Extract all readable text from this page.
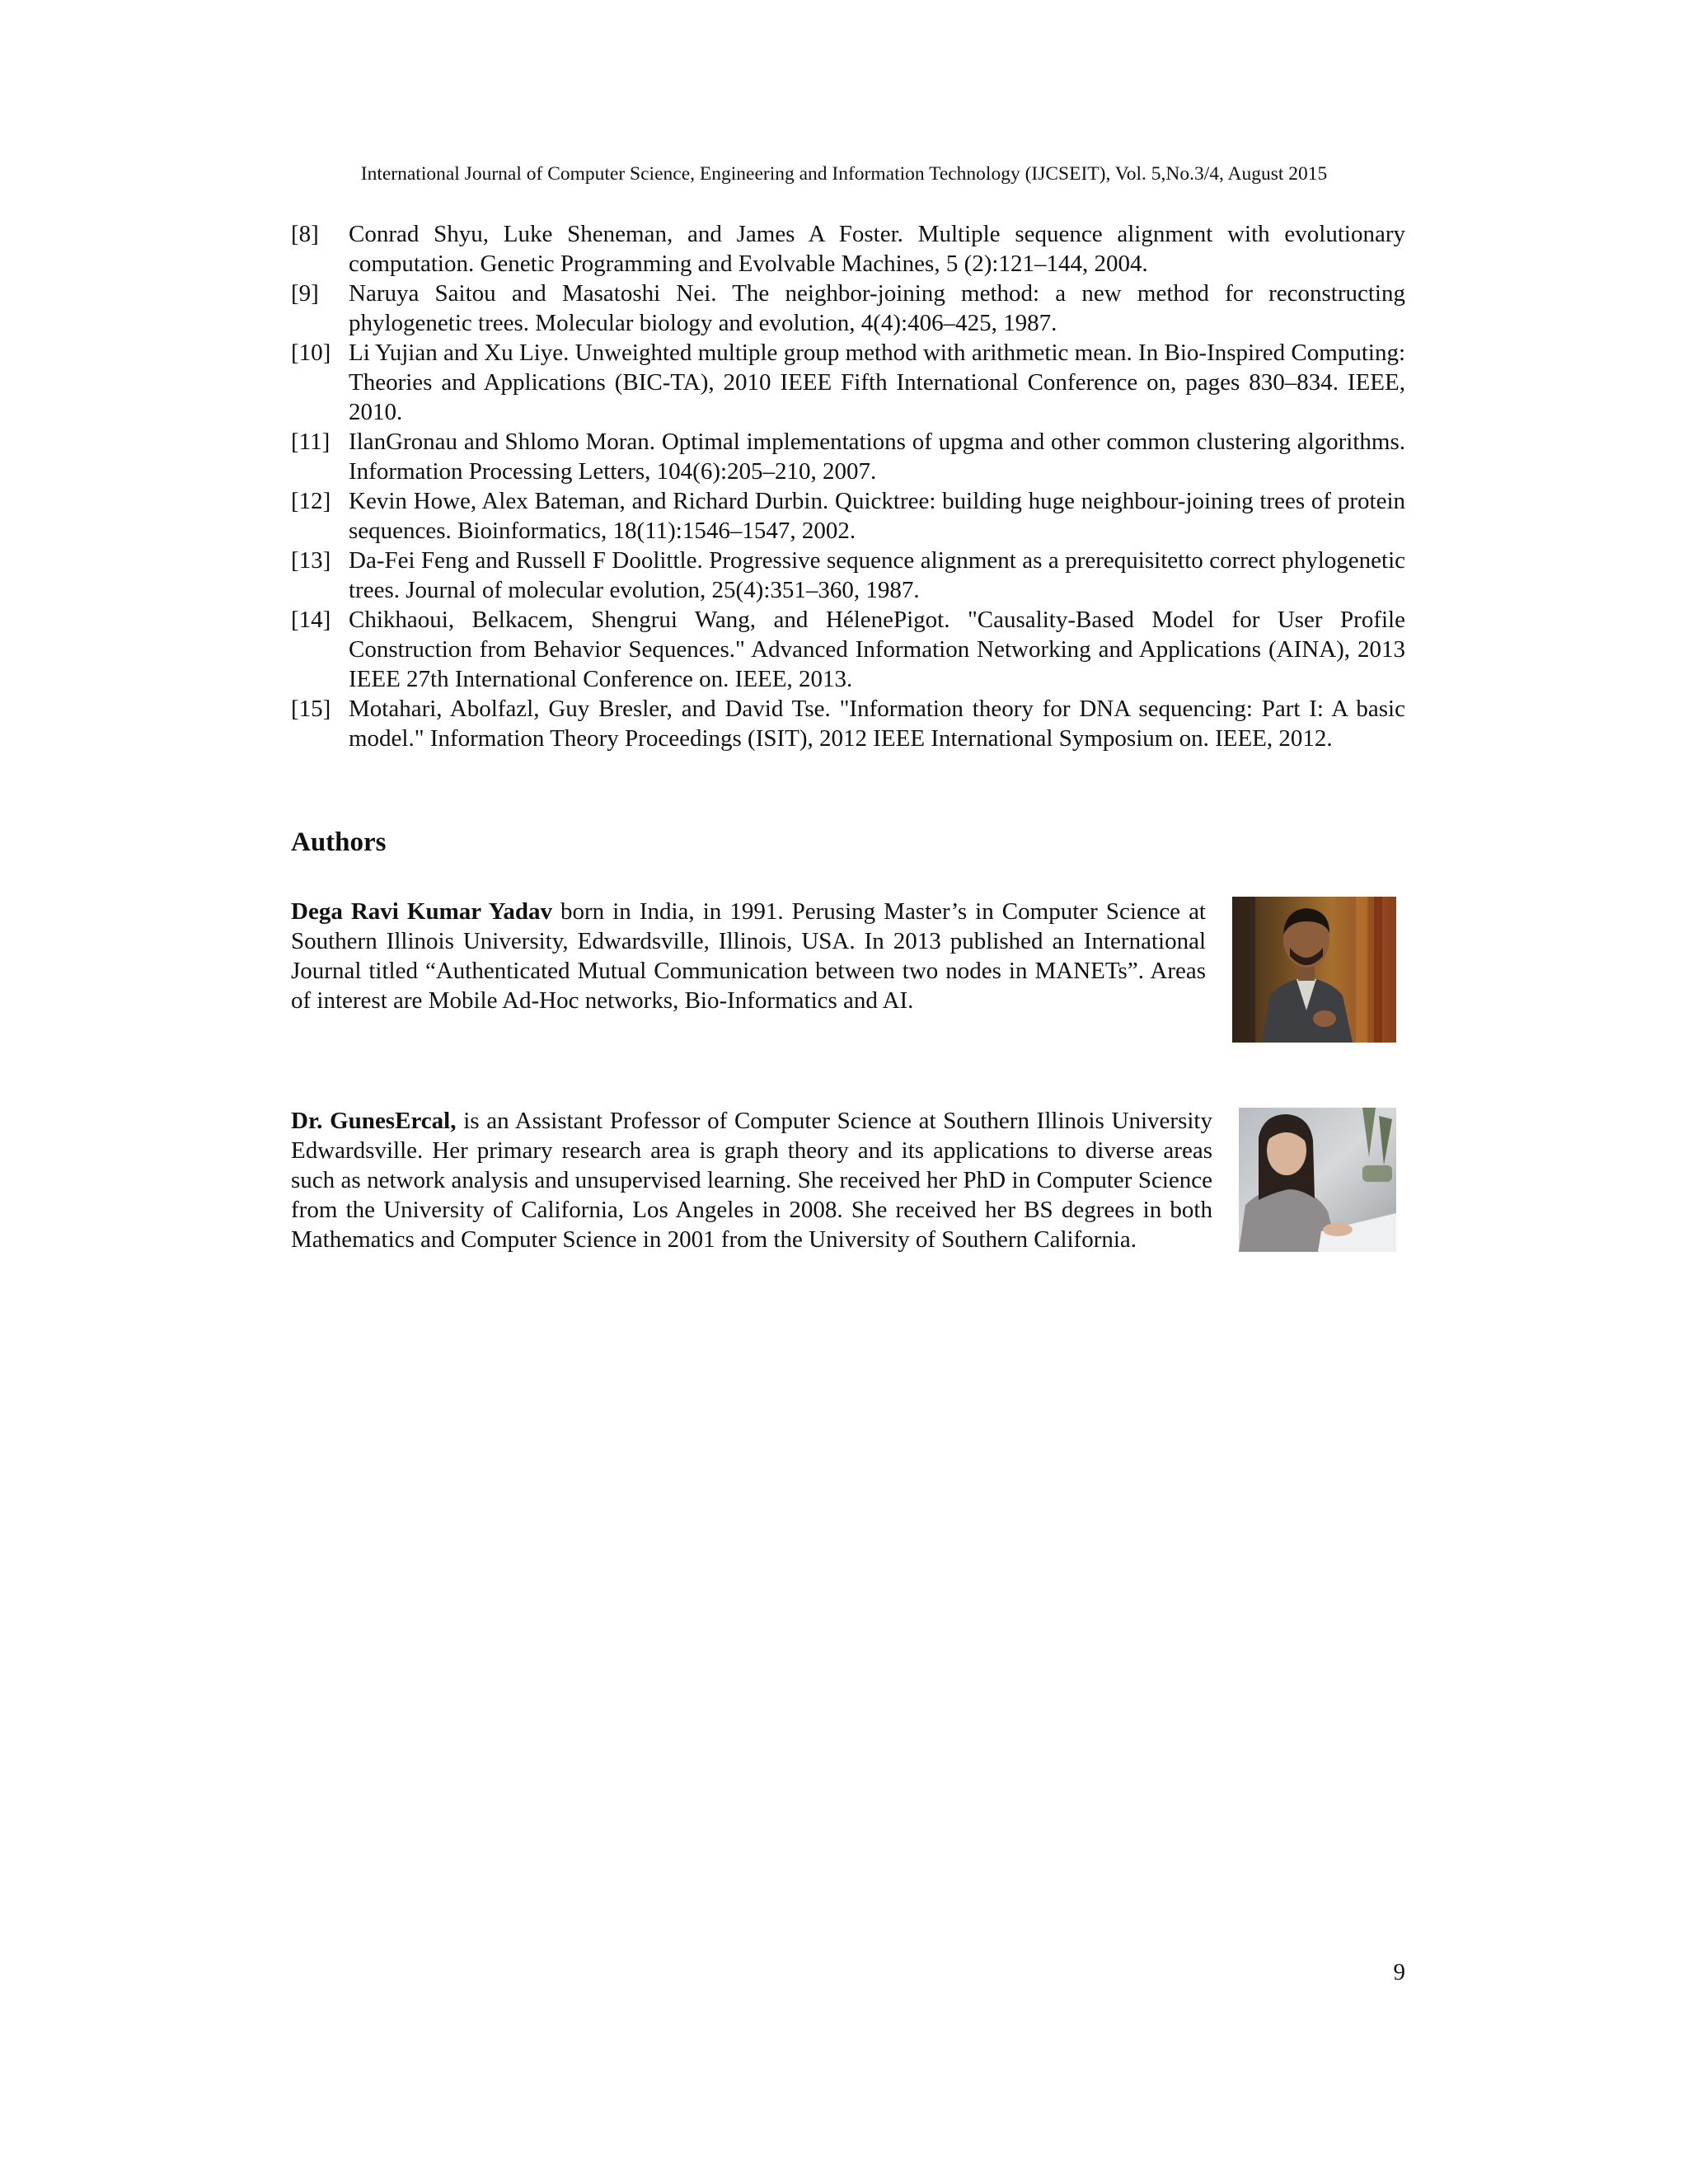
International Journal of Computer Science, Engineering and Information Technology (IJCSEIT), Vol. 5,No.3/4, August 2015
[8] Conrad Shyu, Luke Sheneman, and James A Foster. Multiple sequence alignment with evolutionary computation. Genetic Programming and Evolvable Machines, 5 (2):121–144, 2004.
[9] Naruya Saitou and Masatoshi Nei. The neighbor-joining method: a new method for reconstructing phylogenetic trees. Molecular biology and evolution, 4(4):406–425, 1987.
[10] Li Yujian and Xu Liye. Unweighted multiple group method with arithmetic mean. In Bio-Inspired Computing: Theories and Applications (BIC-TA), 2010 IEEE Fifth International Conference on, pages 830–834. IEEE, 2010.
[11] IlanGronau and Shlomo Moran. Optimal implementations of upgma and other common clustering algorithms. Information Processing Letters, 104(6):205–210, 2007.
[12] Kevin Howe, Alex Bateman, and Richard Durbin. Quicktree: building huge neighbour-joining trees of protein sequences. Bioinformatics, 18(11):1546–1547, 2002.
[13] Da-Fei Feng and Russell F Doolittle. Progressive sequence alignment as a prerequisitetto correct phylogenetic trees. Journal of molecular evolution, 25(4):351–360, 1987.
[14] Chikhaoui, Belkacem, Shengrui Wang, and HélenePigot. "Causality-Based Model for User Profile Construction from Behavior Sequences." Advanced Information Networking and Applications (AINA), 2013 IEEE 27th International Conference on. IEEE, 2013.
[15] Motahari, Abolfazl, Guy Bresler, and David Tse. "Information theory for DNA sequencing: Part I: A basic model." Information Theory Proceedings (ISIT), 2012 IEEE International Symposium on. IEEE, 2012.
Authors
Dega Ravi Kumar Yadav born in India, in 1991. Perusing Master’s in Computer Science at Southern Illinois University, Edwardsville, Illinois, USA. In 2013 published an International Journal titled “Authenticated Mutual Communication between two nodes in MANETs”. Areas of interest are Mobile Ad-Hoc networks, Bio-Informatics and AI.
Dr. GunesErcal, is an Assistant Professor of Computer Science at Southern Illinois University Edwardsville. Her primary research area is graph theory and its applications to diverse areas such as network analysis and unsupervised learning. She received her PhD in Computer Science from the University of California, Los Angeles in 2008. She received her BS degrees in both Mathematics and Computer Science in 2001 from the University of Southern California.
9
